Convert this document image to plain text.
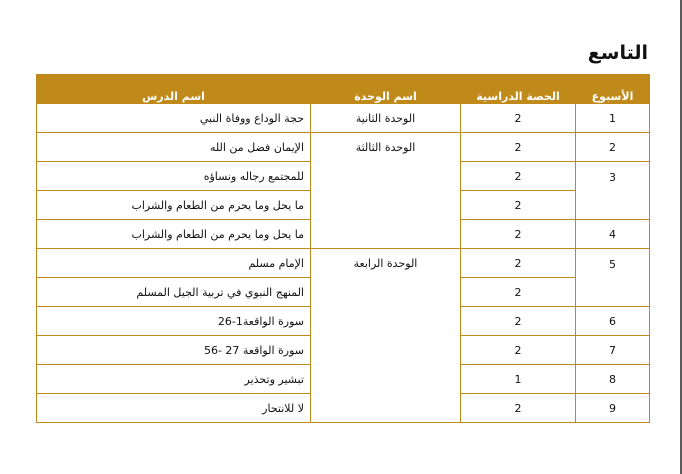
التاسع
الأسبوع	الحصة الدراسية	اسم الوحدة	اسم الدرس
1	2	الوحدة الثانية	حجة الوداع ووفاة النبي
2	2	الوحدة الثالثة	الإيمان فضل من الله
3	2		للمجتمع رجاله ونساؤه
	2		ما يحل وما يحرم من الطعام والشراب
4	2		ما يحل وما يحرم من الطعام والشراب
5	2	الوحدة الرابعة	الإمام مسلم
	2		المنهج النبوي في تربية الجيل المسلم
6	2		سورة الواقعة1-26
7	2		سورة الواقعة 27 -56
8	1		تبشير وتحذير
9	2		لا للانتحار
